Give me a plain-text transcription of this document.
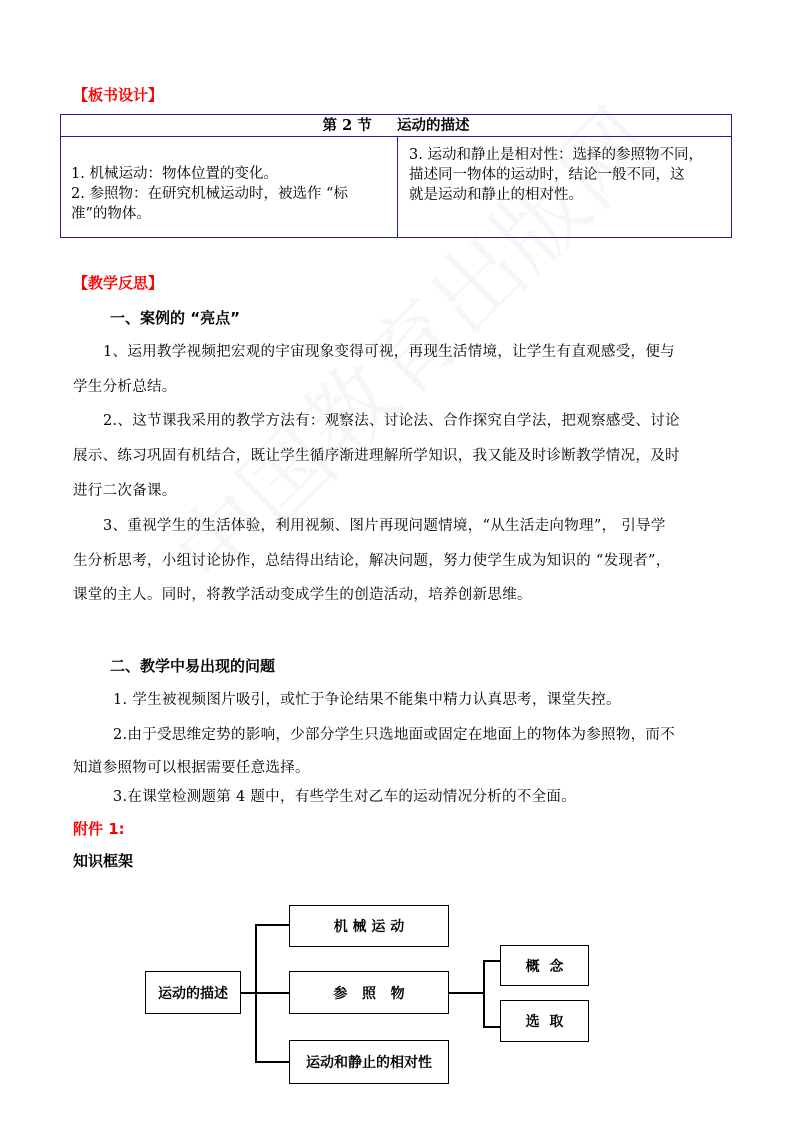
【板书设计】
第 2 节     运动的描述
1. 机械运动：物体位置的变化。
2. 参照物：在研究机械运动时，被选作 “标
准”的物体。
3. 运动和静止是相对性：选择的参照物不同，
描述同一物体的运动时，结论一般不同，这
就是运动和静止的相对性。
【教学反思】
一、案例的 “亮点”
1、运用教学视频把宏观的宇宙现象变得可视，再现生活情境，让学生有直观感受，便与
学生分析总结。
2.、这节课我采用的教学方法有：观察法、讨论法、合作探究自学法，把观察感受、讨论
展示、练习巩固有机结合，既让学生循序渐进理解所学知识，我又能及时诊断教学情况，及时
进行二次备课。
3、重视学生的生活体验，利用视频、图片再现问题情境，“从生活走向物理”， 引导学
生分析思考，小组讨论协作，总结得出结论，解决问题，努力使学生成为知识的 “发现者”，
课堂的主人。同时，将教学活动变成学生的创造活动，培养创新思维。
二、教学中易出现的问题
1. 学生被视频图片吸引，或忙于争论结果不能集中精力认真思考，课堂失控。
2.由于受思维定势的影响，少部分学生只选地面或固定在地面上的物体为参照物，而不
知道参照物可以根据需要任意选择。
3.在课堂检测题第 4 题中，有些学生对乙车的运动情况分析的不全面。
附件 1:
知识框架
运动的描述
机 械 运 动
参   照   物
运动和静止的相对性
概  念
选  取
